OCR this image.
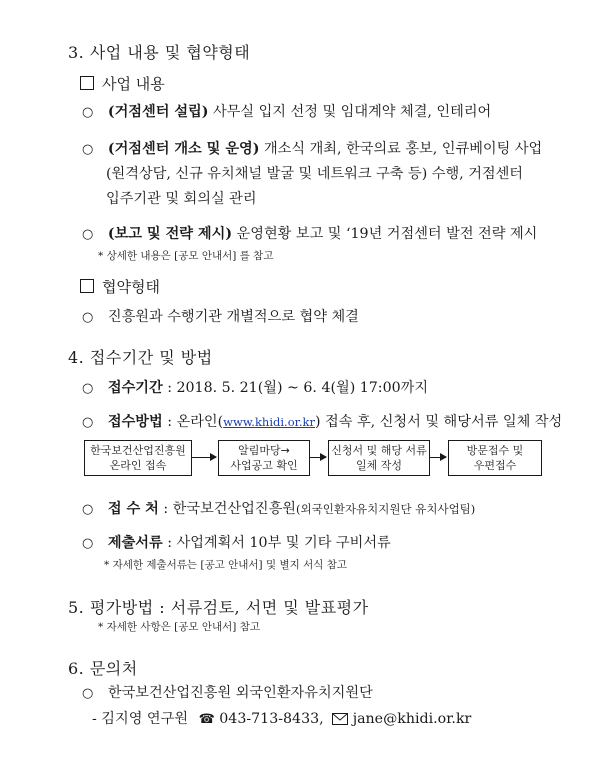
3. 사업 내용 및 협약형태
사업 내용
○ (거점센터 설립) 사무실 입지 선정 및 임대계약 체결, 인테리어
○ (거점센터 개소 및 운영) 개소식 개최, 한국의료 홍보, 인큐베이팅 사업
(원격상담, 신규 유치채널 발굴 및 네트워크 구축 등) 수행, 거점센터
입주기관 및 회의실 관리
○ (보고 및 전략 제시) 운영현황 보고 및 ‘19년 거점센터 발전 전략 제시
* 상세한 내용은 [공모 안내서] 를 참고
협약형태
○ 진흥원과 수행기관 개별적으로 협약 체결
4. 접수기간 및 방법
○ 접수기간 : 2018. 5. 21(월) ~ 6. 4(월) 17:00까지
○ 접수방법 : 온라인(www.khidi.or.kr) 접속 후, 신청서 및 해당서류 일체 작성
한국보건산업진흥원
온라인 접속
알림마당→
사업공고 확인
신청서 및 해당 서류
일체 작성
방문접수 및
우편접수
○ 접 수 처 : 한국보건산업진흥원(외국인환자유치지원단 유치사업팀)
○ 제출서류 : 사업계획서 10부 및 기타 구비서류
* 자세한 제출서류는 [공고 안내서] 및 별지 서식 참고
5. 평가방법 : 서류검토, 서면 및 발표평가
* 자세한 사항은 [공모 안내서] 참고
6. 문의처
○ 한국보건산업진흥원 외국인환자유치지원단
- 김지영 연구원 ☎ 043-713-8433, jane@khidi.or.kr
